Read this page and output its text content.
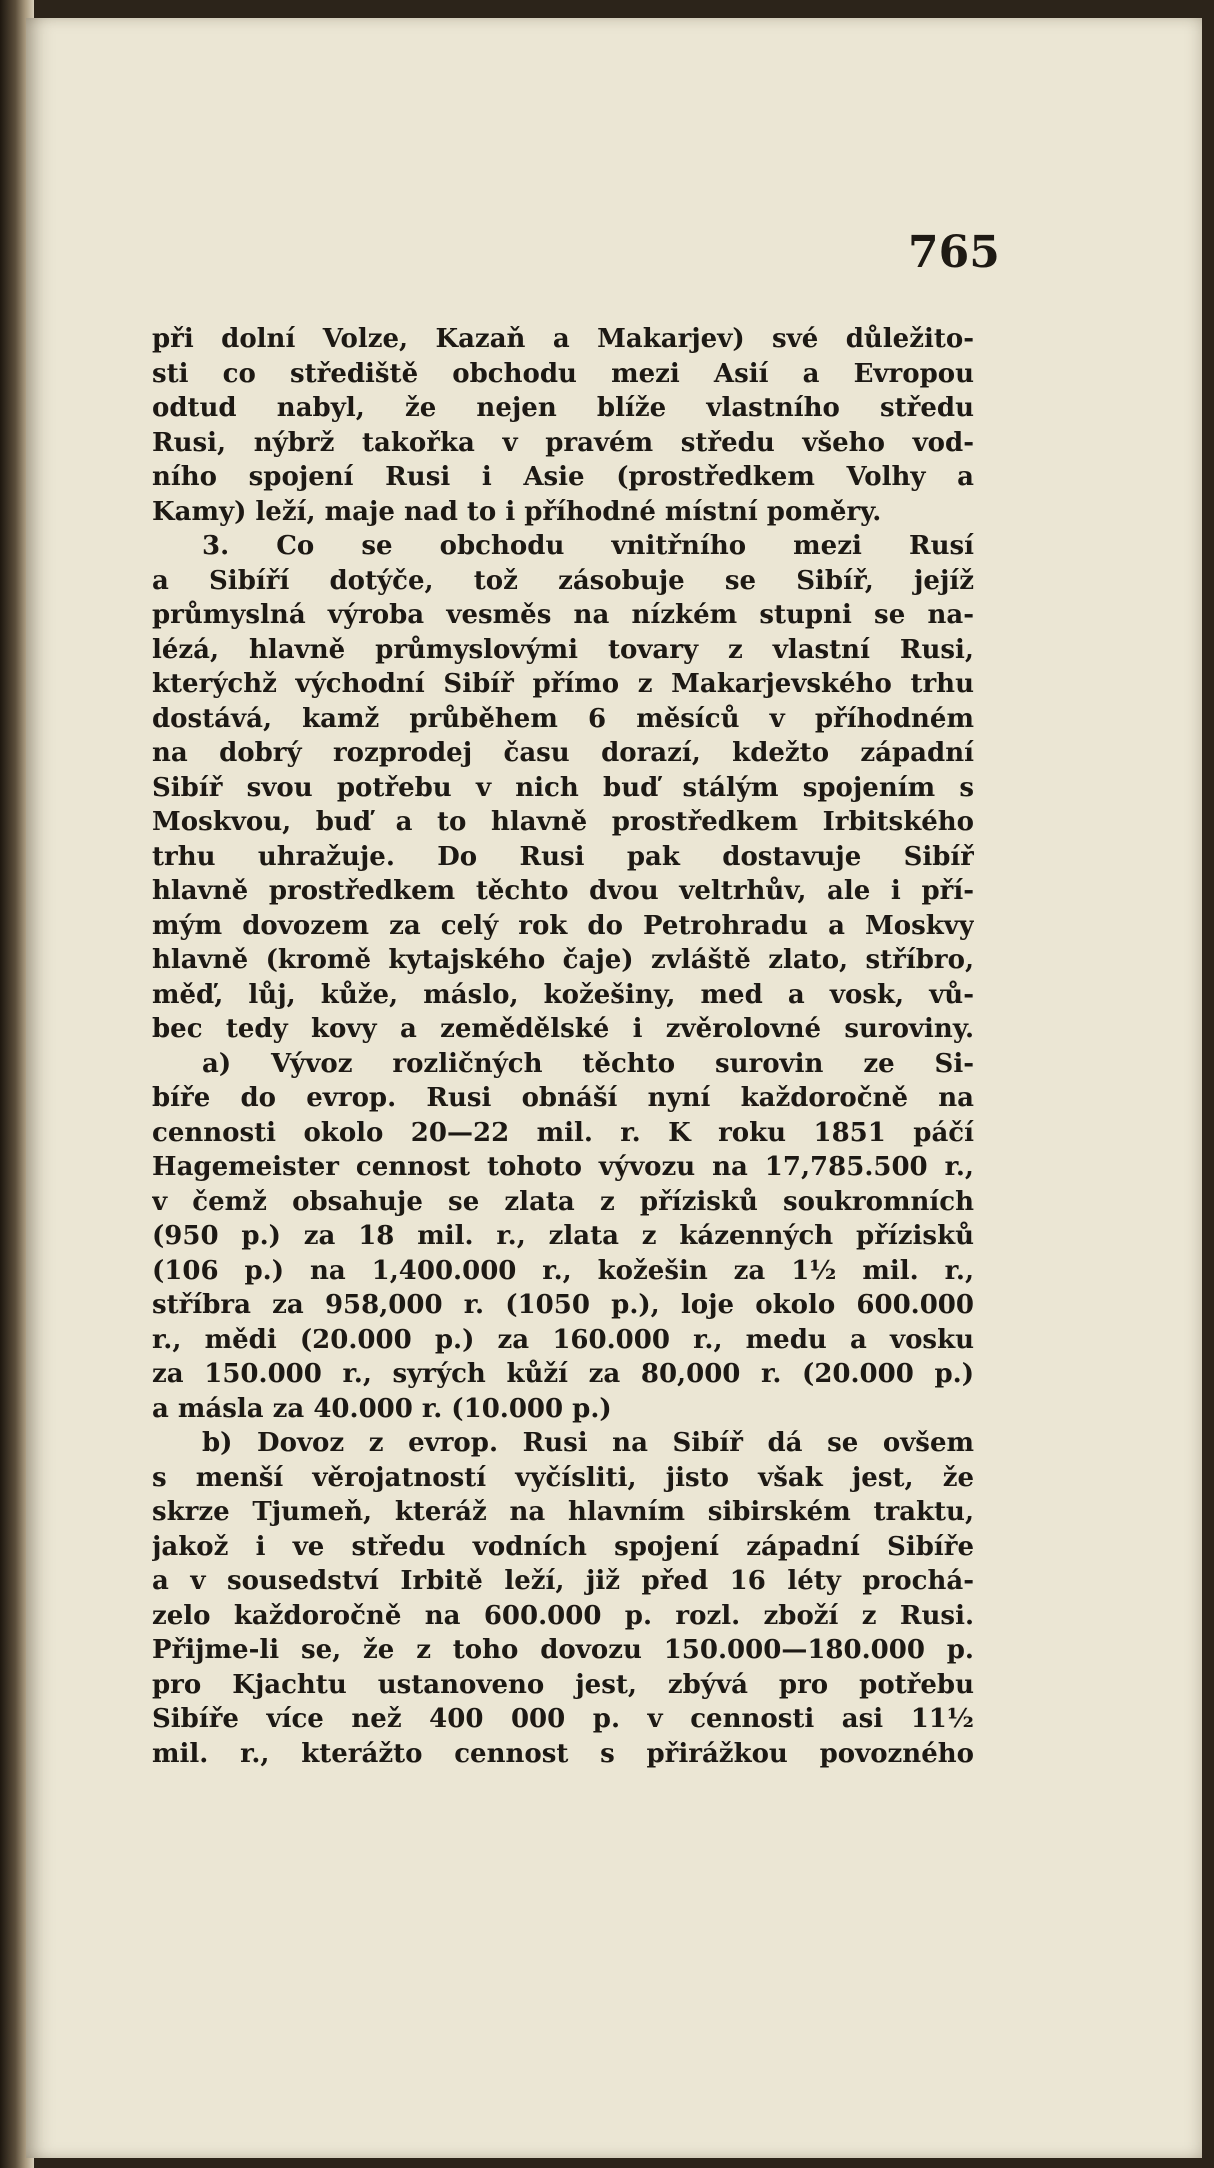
765

při dolní Volze, Kazaň a Makarjev) své důležito-

sti co střediště obchodu mezi Asií a Evropou

odtud nabyl, že nejen blíže vlastního středu

Rusi, nýbrž takořka v pravém středu všeho vod-

ního spojení Rusi i Asie (prostředkem Volhy a

Kamy) leží, maje nad to i příhodné místní poměry.

3. Co se obchodu vnitřního mezi Rusí

a Sibíří dotýče, tož zásobuje se Sibíř, jejíž

průmyslná výroba vesměs na nízkém stupni se na-

lézá, hlavně průmyslovými tovary z vlastní Rusi,

kterýchž východní Sibíř přímo z Makarjevského trhu

dostává, kamž průběhem 6 měsíců v příhodném

na dobrý rozprodej času dorazí, kdežto západní

Sibíř svou potřebu v nich buď stálým spojením s

Moskvou, buď a to hlavně prostředkem Irbitského

trhu uhražuje. Do Rusi pak dostavuje Sibíř

hlavně prostředkem těchto dvou veltrhův, ale i pří-

mým dovozem za celý rok do Petrohradu a Moskvy

hlavně (kromě kytajského čaje) zvláště zlato, stříbro,

měď, lůj, kůže, máslo, kožešiny, med a vosk, vů-

bec tedy kovy a zemědělské i zvěrolovné suroviny.

a) Vývoz rozličných těchto surovin ze Si-

bíře do evrop. Rusi obnáší nyní každoročně na

cennosti okolo 20—22 mil. r. K roku 1851 páčí

Hagemeister cennost tohoto vývozu na 17,785.500 r.,

v čemž obsahuje se zlata z přízisků soukromních

(950 p.) za 18 mil. r., zlata z kázenných přízisků

(106 p.) na 1,400.000 r., kožešin za 1½ mil. r.,

stříbra za 958,000 r. (1050 p.), loje okolo 600.000

r., mědi (20.000 p.) za 160.000 r., medu a vosku

za 150.000 r., syrých kůží za 80,000 r. (20.000 p.)

a másla za 40.000 r. (10.000 p.)

b) Dovoz z evrop. Rusi na Sibíř dá se ovšem

s menší věrojatností vyčísliti, jisto však jest, že

skrze Tjumeň, kteráž na hlavním sibirském traktu,

jakož i ve středu vodních spojení západní Sibíře

a v sousedství Irbitě leží, již před 16 léty prochá-

zelo každoročně na 600.000 p. rozl. zboží z Rusi.

Přijme-li se, že z toho dovozu 150.000—180.000 p.

pro Kjachtu ustanoveno jest, zbývá pro potřebu

Sibíře více než 400 000 p. v cennosti asi 11½

mil. r., kterážto cennost s přirážkou povozného
